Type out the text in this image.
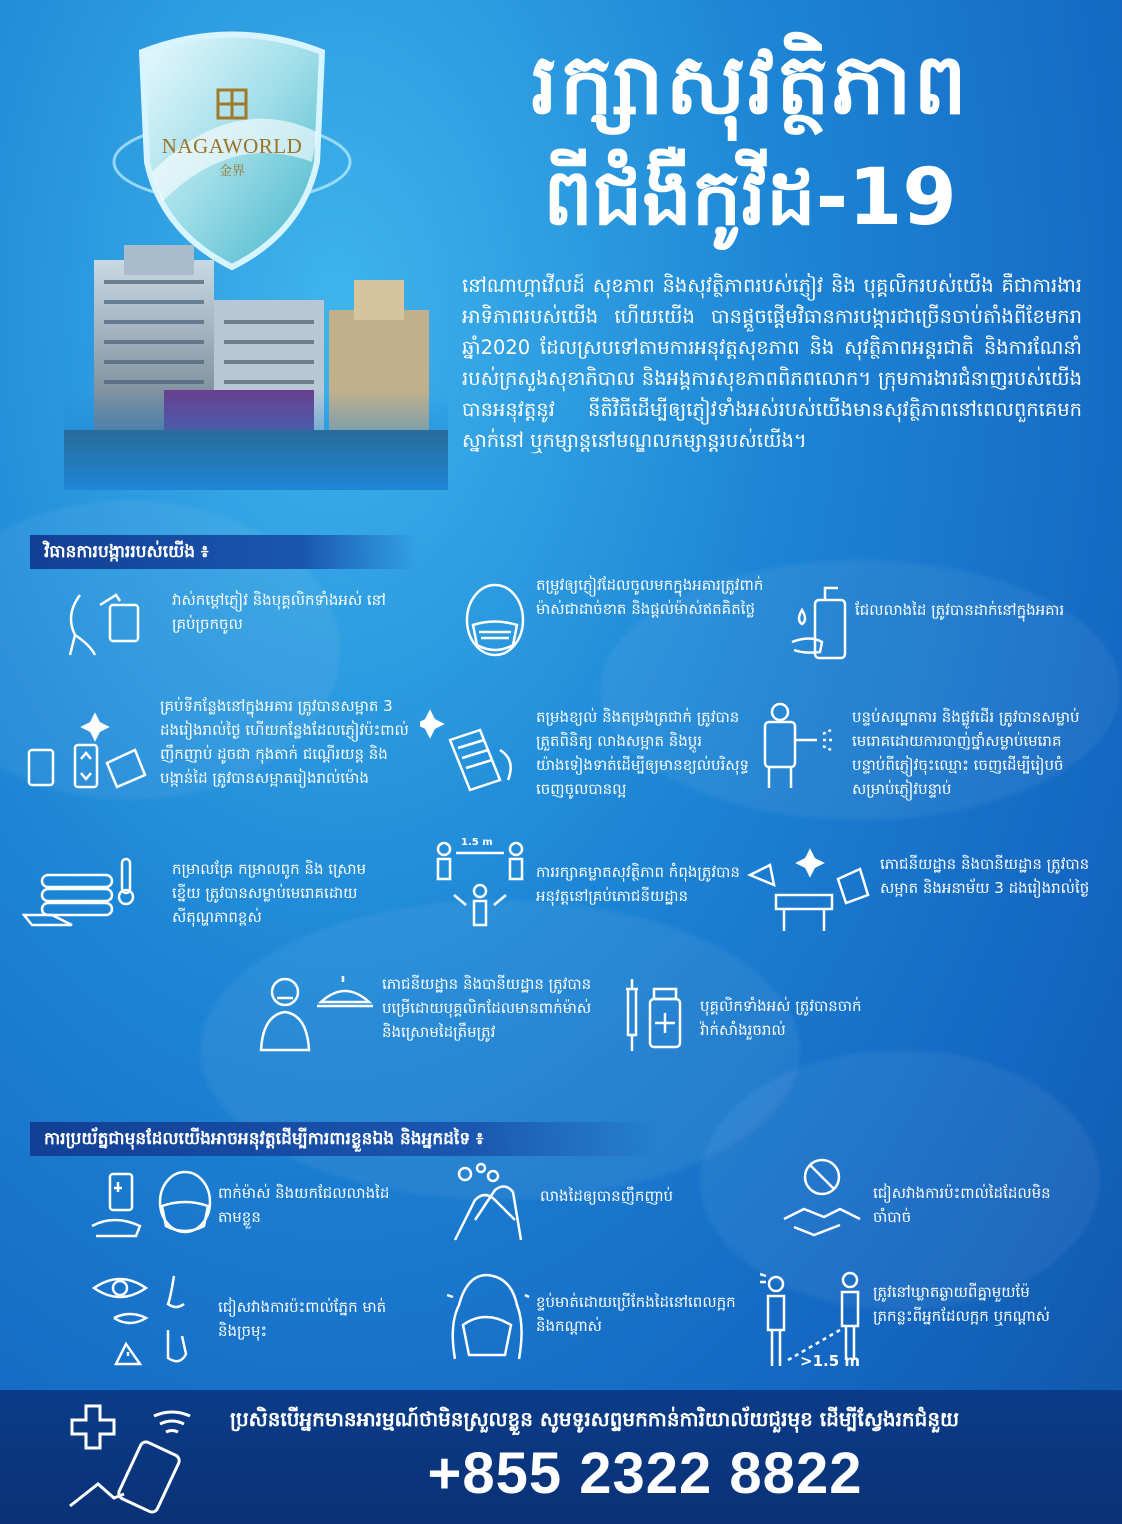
NAGAWORLD
金界
រក្សាសុវត្ថិភាព
ពីជំងឺកូវីដ-19
នៅណាហ្គាវើលដ៍ សុខភាព និងសុវត្ថិភាពរបស់ភ្ញៀវ និង បុគ្គលិករបស់យើង គឺជាការងារអាទិភាពរបស់យើង ហើយយើង បានផ្តួចផ្តើមវិធានការបង្ការជាច្រើនចាប់តាំងពីខែមករាឆ្នាំ2020 ដែលស្របទៅតាមការអនុវត្តសុខភាព និង សុវត្ថិភាពអន្តរជាតិ និងការណែនាំរបស់ក្រសួងសុខាភិបាល និងអង្គការសុខភាពពិភពលោក។ ក្រុមការងារជំនាញរបស់យើង បានអនុវត្តនូវ នីតិវិធីដើម្បីឲ្យភ្ញៀវទាំងអស់របស់យើងមានសុវត្ថិភាពនៅពេលពួកគេមកស្នាក់នៅ ឬកម្សាន្តនៅមណ្ឌលកម្សាន្តរបស់យើង។
វិធានការបង្ការរបស់យើង ៖
វាស់កម្តៅភ្ញៀវ និងបុគ្គលិកទាំងអស់ នៅគ្រប់ច្រកចូល
តម្រូវឲ្យភ្ញៀវដែលចូលមកក្នុងអគារត្រូវពាក់ម៉ាស់ជាដាច់ខាត និងផ្តល់ម៉ាស់ឥតគិតថ្លៃ	ជែលលាងដៃ ត្រូវបានដាក់នៅក្នុងអគារ
គ្រប់ទីកន្លែងនៅក្នុងអគារ ត្រូវបានសម្អាត 3 ដងរៀងរាល់ថ្ងៃ ហើយកន្លែងដែលភ្ញៀវប៉ះពាល់ញឹកញាប់ ដូចជា កុងតាក់ ជណ្តើរយន្ត និងបង្កាន់ដៃ ត្រូវបានសម្អាតរៀងរាល់ម៉ោង
តម្រងខ្យល់ និងតម្រងត្រជាក់ ត្រូវបានត្រួតពិនិត្យ លាងសម្អាត និងប្តូរយ៉ាងទៀងទាត់ដើម្បីឲ្យមានខ្យល់បរិសុទ្ធចេញចូលបានល្អ
បន្ទប់សណ្ឋាគារ និងផ្លូវដើរ ត្រូវបានសម្លាប់មេរោគដោយការបាញ់ថ្នាំសម្លាប់មេរោគ បន្ទាប់ពីភ្ញៀវចុះឈ្មោះ ចេញដើម្បីរៀបចំសម្រាប់ភ្ញៀវបន្ទាប់
កម្រាលគ្រែ កម្រាលពូក និង ស្រោមខ្នើយ ត្រូវបានសម្លាប់មេរោគដោយសីតុណ្ហភាពខ្ពស់
1.5 m
ការរក្សាគម្លាតសុវត្ថិភាព កំពុងត្រូវបានអនុវត្តនៅគ្រប់ភោជនីយដ្ឋាន
ភោជនីយដ្ឋាន និងបានីយដ្ឋាន ត្រូវបានសម្អាត និងអនាម័យ 3 ដងរៀងរាល់ថ្ងៃ
ភោជនីយដ្ឋាន និងបានីយដ្ឋាន ត្រូវបានបម្រើដោយបុគ្គលិកដែលមានពាក់ម៉ាស់ និងស្រោមដៃត្រឹមត្រូវ
បុគ្គលិកទាំងអស់ ត្រូវបានចាក់វ៉ាក់សាំងរួចរាល់
ការប្រយ័ត្នជាមុនដែលយើងអាចអនុវត្តដើម្បីការពារខ្លួនឯង និងអ្នកដទៃ ៖
ពាក់ម៉ាស់ និងយកជែលលាងដៃតាមខ្លួន
លាងដៃឲ្យបានញឹកញាប់	ជៀសវាងការប៉ះពាល់ដៃដែលមិនចាំបាច់
ជៀសវាងការប៉ះពាល់ភ្នែក មាត់ និងច្រមុះ
ខ្ទប់មាត់ដោយប្រើកែងដៃនៅពេលក្អក និងកណ្តាស់
>1.5 m
ត្រូវនៅឃ្លាតឆ្ងាយពីគ្នាមួយម៉ែត្រកន្លះពីអ្នកដែលក្អក ឬកណ្តាស់
ប្រសិនបើអ្នកមានអារម្មណ៍ថាមិនស្រួលខ្លួន សូមទូរសព្ទមកកាន់ការិយាល័យជួរមុខ ដើម្បីស្វែងរកជំនួយ
+855 2322 8822
